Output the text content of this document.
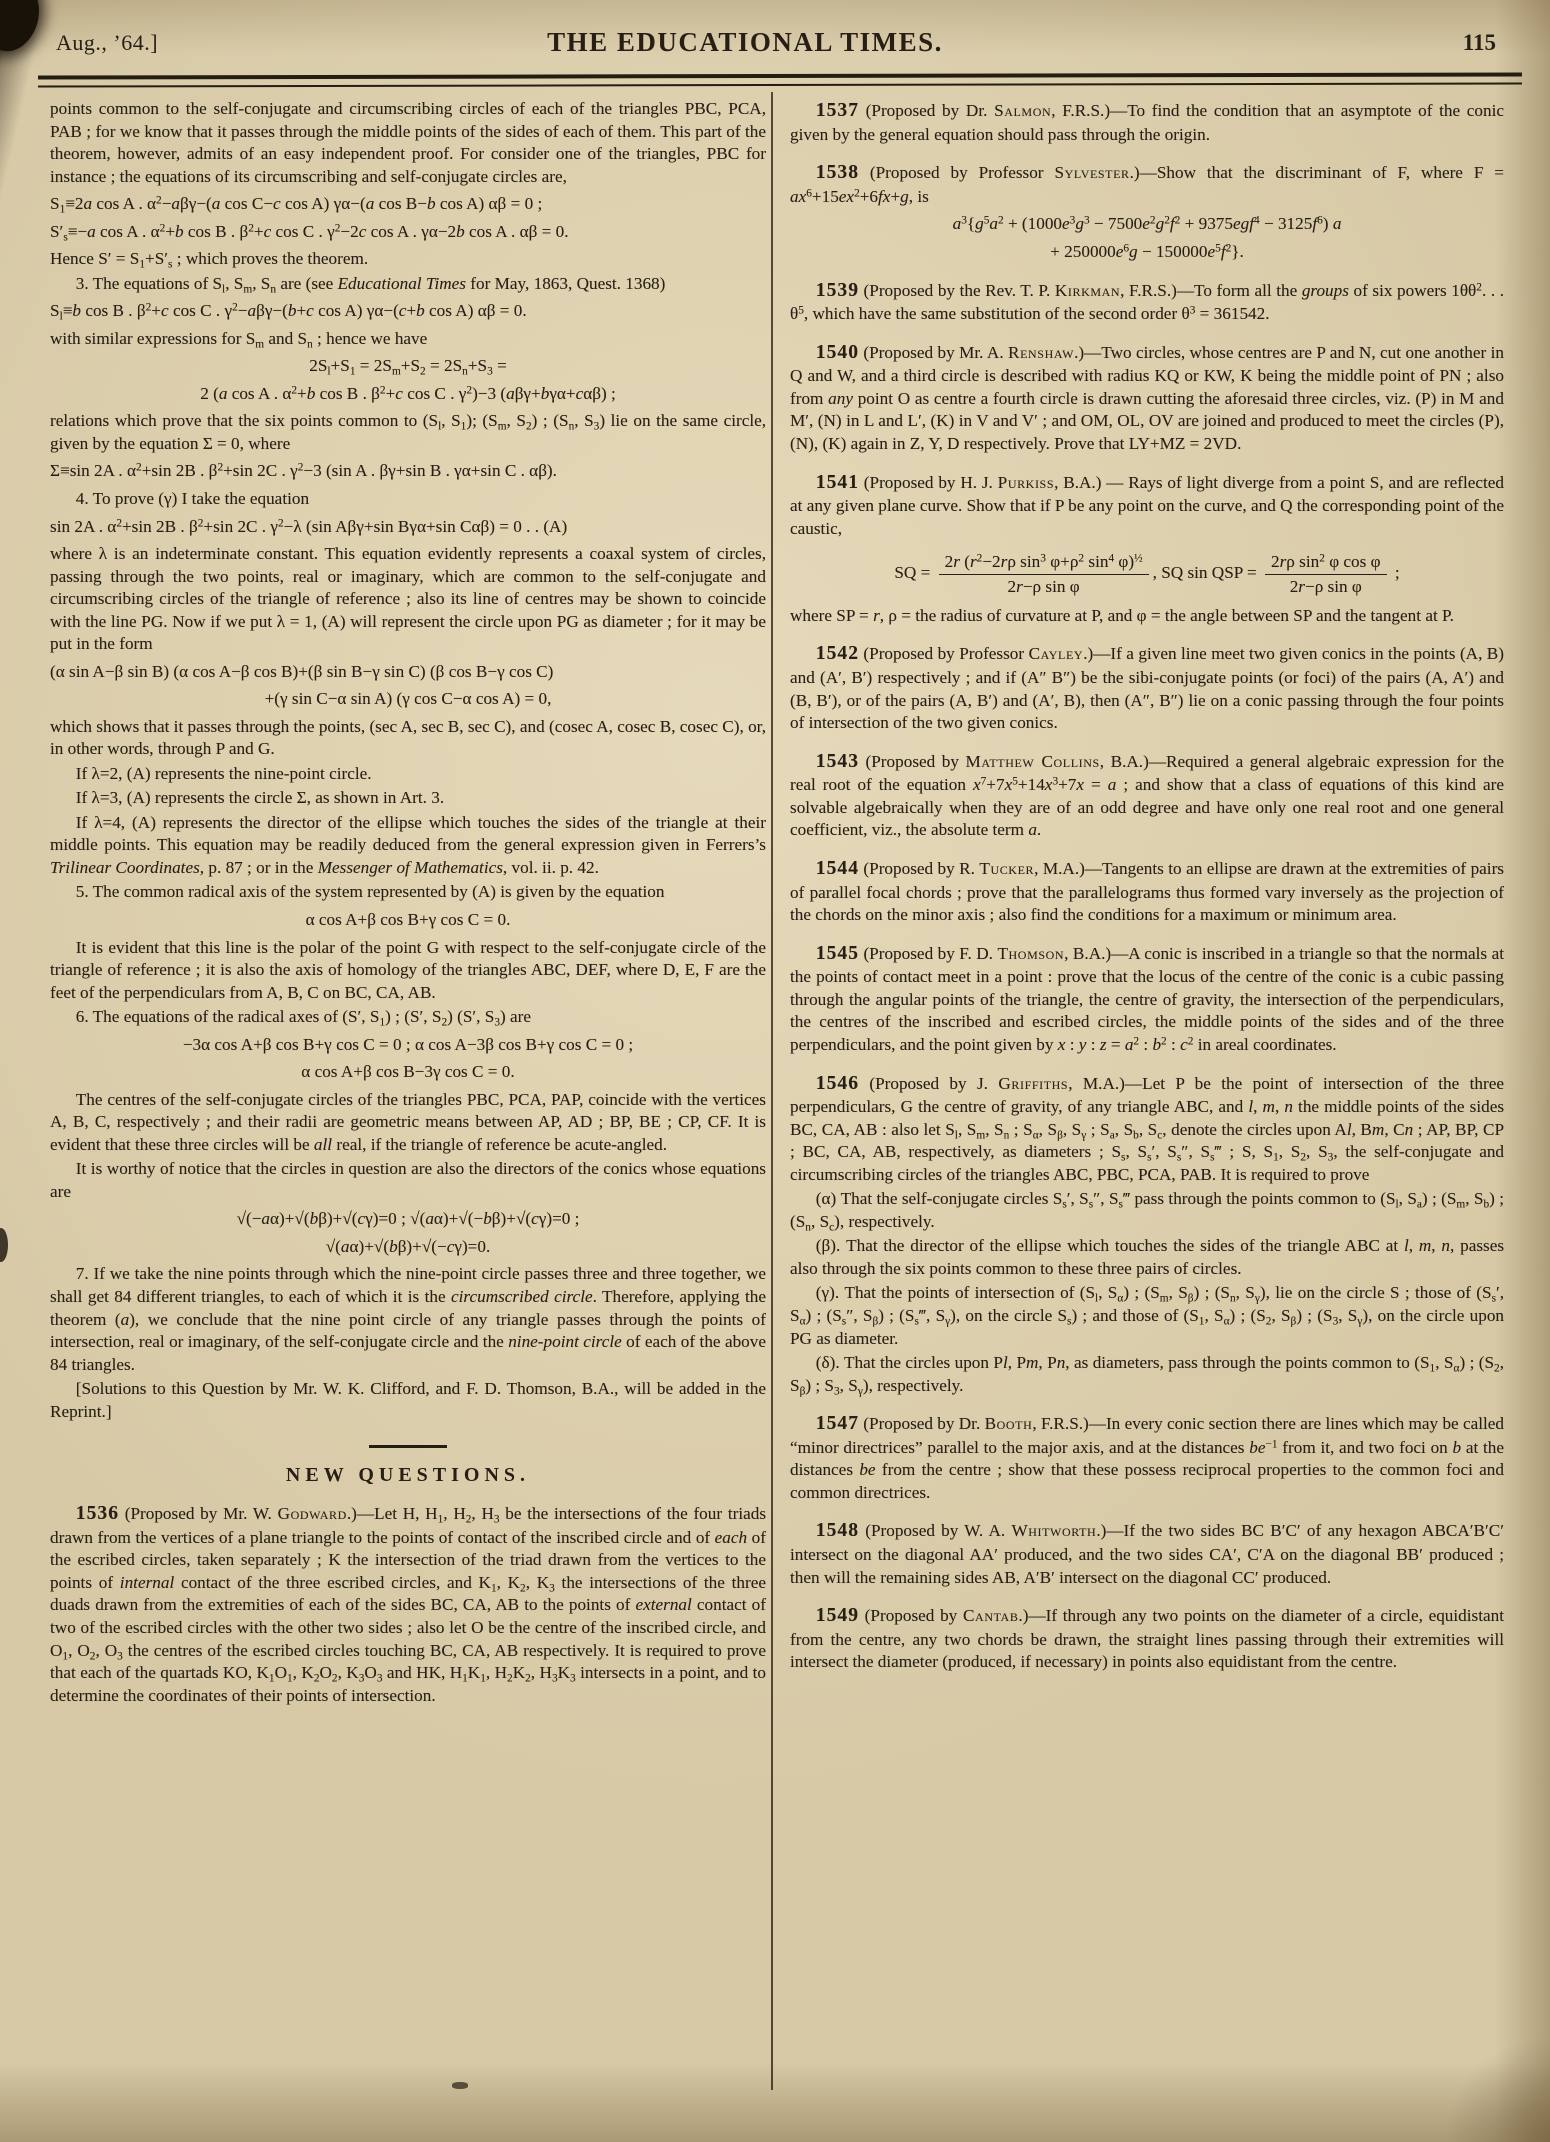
Aug., ’64.]	THE EDUCATIONAL TIMES.	115

points common to the self-conjugate and circumscribing circles of each of the triangles PBC, PCA, PAB ; for we know that it passes through the middle points of the sides of each of them. This part of the theorem, however, admits of an easy independent proof. For consider one of the triangles, PBC for instance ; the equations of its circumscribing and self-conjugate circles are,

$S_1\equiv 2a$ cos A . $\alpha^2-a\beta\gamma-(a$ cos C−c cos A) γα−(a cos B−b cos A) αβ = 0 ;

$S'_s\equiv-a$ cos A . $\alpha^2+b$ cos B . $\beta^2+c$ cos C . $\gamma^2-2c$ cos A . γα−2b cos A . αβ = 0.

Hence $S' = S_1+S'_s$ ; which proves the theorem.

3. The equations of $S_l$, $S_m$, $S_n$ are (see Educational Times for May, 1863, Quest. 1368)

$S_l\equiv b$ cos B . $\beta^2+c$ cos C . $\gamma^2-a\beta\gamma-(b+c$ cos A) γα−(c+b cos A) αβ = 0.

with similar expressions for $S_m$ and $S_n$ ; hence we have

$2S_l+S_1 = 2S_m+S_2 = 2S_n+S_3$ =

2 (a cos A . $\alpha^2+b$ cos B . $\beta^2+c$ cos C . $\gamma^2)-3$ (aβγ+bγα+cαβ) ;

relations which prove that the six points common to ($S_l$, $S_1$); ($S_m$, $S_2$) ; ($S_n$, $S_3$) lie on the same circle, given by the equation Σ = 0, where

Σ≡sin 2A . $\alpha^2+\sin$ 2B . $\beta^2+\sin$ 2C . $\gamma^2-3$ (sin A . βγ+sin B . γα+sin C . αβ).

4. To prove (γ) I take the equation

sin 2A . $\alpha^2+\sin$ 2B . $\beta^2+\sin$ 2C . $\gamma^2-\lambda$ (sin Aβγ+sin Bγα+sin Cαβ) = 0 . . (A)

where λ is an indeterminate constant. This equation evidently represents a coaxal system of circles, passing through the two points, real or imaginary, which are common to the self-conjugate and circumscribing circles of the triangle of reference ; also its line of centres may be shown to coincide with the line PG. Now if we put λ = 1, (A) will represent the circle upon PG as diameter ; for it may be put in the form

(α sin A−β sin B) (α cos A−β cos B)+(β sin B−γ sin C) (β cos B−γ cos C)

+(γ sin C−α sin A) (γ cos C−α cos A) = 0,

which shows that it passes through the points, (sec A, sec B, sec C), and (cosec A, cosec B, cosec C), or, in other words, through P and G.

If λ=2, (A) represents the nine-point circle.

If λ=3, (A) represents the circle Σ, as shown in Art. 3.

If λ=4, (A) represents the director of the ellipse which touches the sides of the triangle at their middle points. This equation may be readily deduced from the general expression given in Ferrers’s Trilinear Coordinates, p. 87 ; or in the Messenger of Mathematics, vol. ii. p. 42.

5. The common radical axis of the system represented by (A) is given by the equation

α cos A+β cos B+γ cos C = 0.

It is evident that this line is the polar of the point G with respect to the self-conjugate circle of the triangle of reference ; it is also the axis of homology of the triangles ABC, DEF, where D, E, F are the feet of the perpendiculars from A, B, C on BC, CA, AB.

6. The equations of the radical axes of (S′, $S_1$) ; (S′, $S_2$) (S′, $S_3$) are

−3α cos A+β cos B+γ cos C = 0 ; α cos A−3β cos B+γ cos C = 0 ;

α cos A+β cos B−3γ cos C = 0.

The centres of the self-conjugate circles of the triangles PBC, PCA, PAP, coincide with the vertices A, B, C, respectively ; and their radii are geometric means between AP, AD ; BP, BE ; CP, CF. It is evident that these three circles will be all real, if the triangle of reference be acute-angled.

It is worthy of notice that the circles in question are also the directors of the conics whose equations are

√(−aα)+√(bβ)+√(cγ)=0 ; √(aα)+√(−bβ)+√(cγ)=0 ;

√(aα)+√(bβ)+√(−cγ)=0.

7. If we take the nine points through which the nine-point circle passes three and three together, we shall get 84 different triangles, to each of which it is the circumscribed circle. Therefore, applying the theorem (a), we conclude that the nine point circle of any triangle passes through the points of intersection, real or imaginary, of the self-conjugate circle and the nine-point circle of each of the above 84 triangles.

[Solutions to this Question by Mr. W. K. Clifford, and F. D. Thomson, B.A., will be added in the Reprint.]

NEW QUESTIONS.

1536 (Proposed by Mr. W. Godward.)—Let H, $H_1$, $H_2$, $H_3$ be the intersections of the four triads drawn from the vertices of a plane triangle to the points of contact of the inscribed circle and of each of the escribed circles, taken separately ; K the intersection of the triad drawn from the vertices to the points of internal contact of the three escribed circles, and $K_1$, $K_2$, $K_3$ the intersections of the three duads drawn from the extremities of each of the sides BC, CA, AB to the points of external contact of two of the escribed circles with the other two sides ; also let O be the centre of the inscribed circle, and $O_1$, $O_2$, $O_3$ the centres of the escribed circles touching BC, CA, AB respectively. It is required to prove that each of the quartads KO, $K_1O_1$, $K_2O_2$, $K_3O_3$ and HK, $H_1K_1$, $H_2K_2$, $H_3K_3$ intersects in a point, and to determine the coordinates of their points of intersection.

1537 (Proposed by Dr. Salmon, F.R.S.)—To find the condition that an asymptote of the conic given by the general equation should pass through the origin.

1538 (Proposed by Professor Sylvester.)—Show that the discriminant of F, where $F = ax^6+15ex^2+6fx+g$, is

$a^3\{g^5a^2 + (1000e^3g^3 - 7500e^2g^2f^2 + 9375egf^4 - 3125f^6)$ a

+ $250000e^6g - 150000e^5f^2$}.

1539 (Proposed by the Rev. T. P. Kirkman, F.R.S.)—To form all the groups of six powers $1\theta\theta^2$. . . $\theta^5$, which have the same substitution of the second order $\theta^3 = 361542$.

1540 (Proposed by Mr. A. Renshaw.)—Two circles, whose centres are P and N, cut one another in Q and W, and a third circle is described with radius KQ or KW, K being the middle point of PN ; also from any point O as centre a fourth circle is drawn cutting the aforesaid three circles, viz. (P) in M and M′, (N) in L and L′, (K) in V and V′ ; and OM, OL, OV are joined and produced to meet the circles (P), (N), (K) again in Z, Y, D respectively. Prove that LY+MZ = 2VD.

1541 (Proposed by H. J. Purkiss, B.A.) — Rays of light diverge from a point S, and are reflected at any given plane curve. Show that if P be any point on the curve, and Q the corresponding point of the caustic,

SQ = $\frac{2r (r^2-2r\rho \sin^3 \varphi+\rho^2 \sin^4 \varphi)^{\frac{1}{2}}}{\text{2r−ρ sin φ}}$ , SQ sin QSP = $\frac{2r\rho \sin^2 \varphi \cos \varphi}{\text{2r−ρ sin φ}}$ ;

where SP = r, ρ = the radius of curvature at P, and φ = the angle between SP and the tangent at P.

1542 (Proposed by Professor Cayley.)—If a given line meet two given conics in the points (A, B) and (A′, B′) respectively ; and if (A″ B″) be the sibi-conjugate points (or foci) of the pairs (A, A′) and (B, B′), or of the pairs (A, B′) and (A′, B), then (A″, B″) lie on a conic passing through the four points of intersection of the two given conics.

1543 (Proposed by Matthew Collins, B.A.)—Required a general algebraic expression for the real root of the equation $x^7+7x^5+14x^3+7x = a$ ; and show that a class of equations of this kind are solvable algebraically when they are of an odd degree and have only one real root and one general coefficient, viz., the absolute term a.

1544 (Proposed by R. Tucker, M.A.)—Tangents to an ellipse are drawn at the extremities of pairs of parallel focal chords ; prove that the parallelograms thus formed vary inversely as the projection of the chords on the minor axis ; also find the conditions for a maximum or minimum area.

1545 (Proposed by F. D. Thomson, B.A.)—A conic is inscribed in a triangle so that the normals at the points of contact meet in a point : prove that the locus of the centre of the conic is a cubic passing through the angular points of the triangle, the centre of gravity, the intersection of the perpendiculars, the centres of the inscribed and escribed circles, the middle points of the sides and of the three perpendiculars, and the point given by x : y : $z = a^2$ : $b^2$ : $c^2$ in areal coordinates.

1546 (Proposed by J. Griffiths, M.A.)—Let P be the point of intersection of the three perpendiculars, G the centre of gravity, of any triangle ABC, and l, m, n the middle points of the sides BC, CA, AB : also let $S_l$, $S_m$, $S_n$ ; $S_\alpha$, $S_\beta$, $S_\gamma$ ; $S_a$, $S_b$, $S_c$, denote the circles upon Al, Bm, Cn ; AP, BP, CP ; BC, CA, AB, respectively, as diameters ; $S_s$, $S_s'$, $S_s''$, $S_s‴$ ; S, $S_1$, $S_2$, $S_3$, the self-conjugate and circumscribing circles of the triangles ABC, PBC, PCA, PAB. It is required to prove

(α) That the self-conjugate circles $S_s'$, $S_s''$, $S_s‴$ pass through the points common to ($S_l$, $S_a$) ; ($S_m$, $S_b$) ; ($S_n$, $S_c$), respectively.

(β). That the director of the ellipse which touches the sides of the triangle ABC at l, m, n, passes also through the six points common to these three pairs of circles.

(γ). That the points of intersection of ($S_l$, $S_\alpha$) ; ($S_m$, $S_\beta$) ; ($S_n$, $S_\gamma$), lie on the circle S ; those of ($S_s'$, $S_\alpha$) ; ($S_s''$, $S_\beta$) ; ($S_s‴$, $S_\gamma$), on the circle $S_s$) ; and those of ($S_1$, $S_\alpha$) ; ($S_2$, $S_\beta$) ; ($S_3$, $S_\gamma$), on the circle upon PG as diameter.

(δ). That the circles upon Pl, Pm, Pn, as diameters, pass through the points common to ($S_1$, $S_\alpha$) ; ($S_2$, $S_\beta$) ; $S_3$, $S_\gamma$), respectively.

1547 (Proposed by Dr. Booth, F.R.S.)—In every conic section there are lines which may be called “minor directrices” parallel to the major axis, and at the distances $be^{-1}$ from it, and two foci on b at the distances be from the centre ; show that these possess reciprocal properties to the common foci and common directrices.

1548 (Proposed by W. A. Whitworth.)—If the two sides BC B′C′ of any hexagon ABCA′B′C′ intersect on the diagonal AA′ produced, and the two sides CA′, C′A on the diagonal BB′ produced ; then will the remaining sides AB, A′B′ intersect on the diagonal CC′ produced.

1549 (Proposed by Cantab.)—If through any two points on the diameter of a circle, equidistant from the centre, any two chords be drawn, the straight lines passing through their extremities will intersect the diameter (produced, if necessary) in points also equidistant from the centre.
